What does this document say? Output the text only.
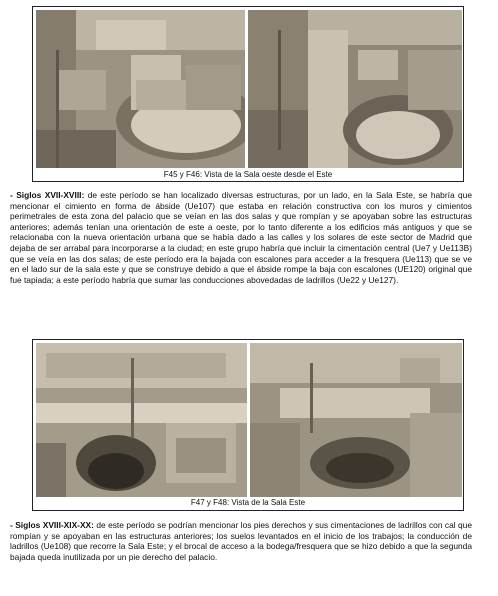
F45 y F46: Vista de la Sala oeste desde el Este

- Siglos XVII-XVIII: de este período se han localizado diversas estructuras, por un lado, en la Sala Este, se habría que mencionar el cimiento en forma de ábside (Ue107) que estaba en relación constructiva con los muros y cimientos perimetrales de esta zona del palacio que se veían en las dos salas y que rompían y se apoyaban sobre las estructuras anteriores; además tenían una orientación de este a oeste, por lo tanto diferente a los edificios más antiguos y que se relacionaba con la nueva orientación urbana que se había dado a las calles y los solares de este sector de Madrid que dejaba de ser arrabal para incorporarse a la ciudad; en este grupo habría que incluir la cimentación central (Ue7 y Ue113B) que se veía en las dos salas; de este período era la bajada con escalones para acceder a la fresquera (Ue113) que se ve en el lado sur de la sala este y que se construye debido a que el ábside rompe la baja con escalones (UE120) original que fue tapiada; a este período habría que sumar las conducciones abovedadas de ladrillos (Ue22 y Ue127).

F47 y F48: Vista de la Sala Este

- Siglos XVIII-XIX-XX: de este período se podrían mencionar los pies derechos y sus cimentaciones de ladrillos con cal que rompían y se apoyaban en las estructuras anteriores; los suelos levantados en el inicio de los trabajos; la conducción de ladrillos (Ue108) que recorre la Sala Este; y el brocal de acceso a la bodega/fresquera que se hizo debido a que la segunda bajada queda inutilizada por un pie derecho del palacio.
